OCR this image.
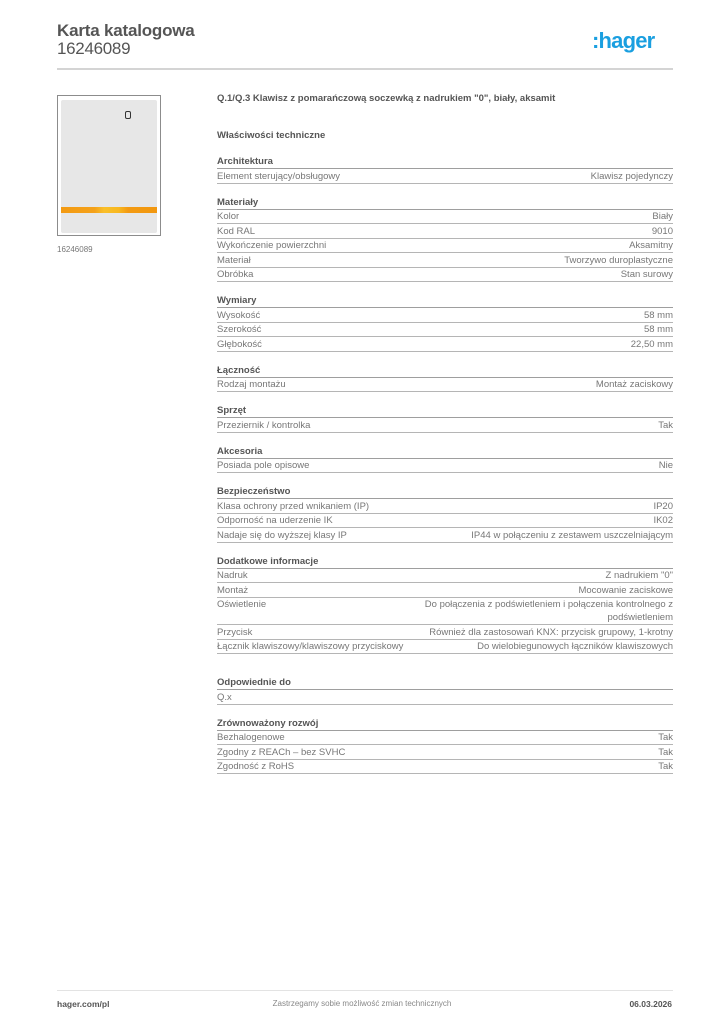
Karta katalogowa
16246089	:hager
16246089
Q.1/Q.3 Klawisz z pomarańczową soczewką z nadrukiem "0", biały, aksamit
Właściwości techniczne
Architektura
Element sterujący/obsługowy	Klawisz pojedynczy
Materiały
Kolor	Biały
Kod RAL	9010
Wykończenie powierzchni	Aksamitny
Materiał	Tworzywo duroplastyczne
Obróbka	Stan surowy
Wymiary
Wysokość	58 mm
Szerokość	58 mm
Głębokość	22,50 mm
Łączność
Rodzaj montażu	Montaż zaciskowy
Sprzęt
Przeziernik / kontrolka	Tak
Akcesoria
Posiada pole opisowe	Nie
Bezpieczeństwo
Klasa ochrony przed wnikaniem (IP)	IP20
Odporność na uderzenie IK	IK02
Nadaje się do wyższej klasy IP	IP44 w połączeniu z zestawem uszczelniającym
Dodatkowe informacje
Nadruk	Z nadrukiem "0"
Montaż	Mocowanie zaciskowe
Oświetlenie	Do połączenia z podświetleniem i połączenia kontrolnego z podświetleniem
Przycisk	Również dla zastosowań KNX: przycisk grupowy, 1-krotny
Łącznik klawiszowy/klawiszowy przyciskowy	Do wielobiegunowych łączników klawiszowych
Odpowiednie do
Q.x
Zrównoważony rozwój
Bezhalogenowe	Tak
Zgodny z REACh – bez SVHC	Tak
Zgodność z RoHS	Tak
hager.com/pl	Zastrzegamy sobie możliwość zmian technicznych	06.03.2026
